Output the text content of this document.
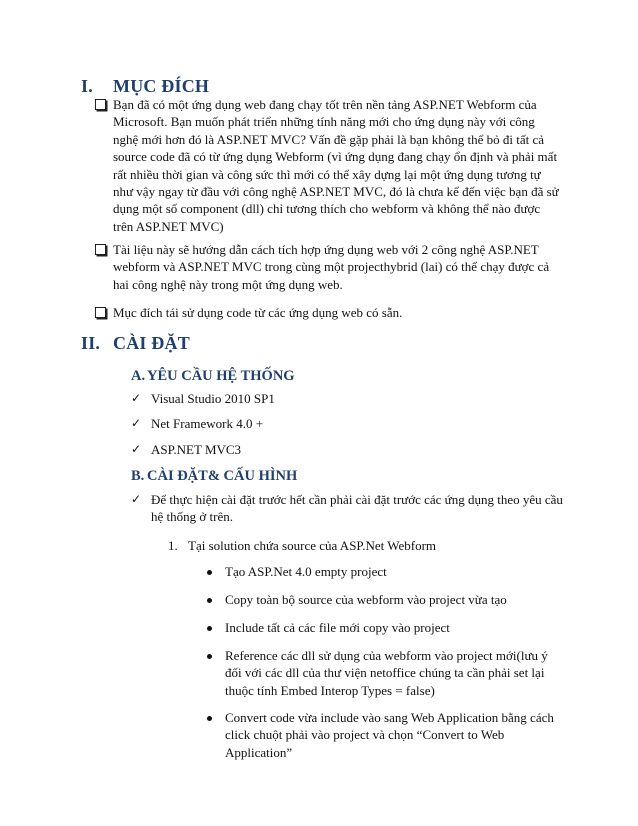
I. MỤC ĐÍCH
Bạn đã có một ứng dụng web đang chạy tốt trên nền tảng ASP.NET Webform của Microsoft. Bạn muốn phát triển những tính năng mới cho ứng dụng này với công nghệ mới hơn đó là ASP.NET MVC? Vấn đề gặp phải là bạn không thể bỏ đi tất cả source code đã có từ ứng dụng Webform (vì ứng dụng đang chạy ổn định và phải mất rất nhiều thời gian và công sức thì mới có thể xây dựng lại một ứng dụng tương tự như vậy ngay từ đầu với công nghệ ASP.NET MVC, đó là chưa kể đến việc bạn đã sử dụng một số component (dll) chỉ tương thích cho webform và không thể nào được trên ASP.NET MVC)
Tài liệu này sẽ hướng dẫn cách tích hợp ứng dụng web với 2 công nghệ ASP.NET webform và ASP.NET MVC trong cùng một projecthybrid (lai) có thể chạy được cả hai công nghệ này trong một ứng dụng web.
Mục đích tái sử dụng code từ các ứng dụng web có sẵn.
II. CÀI ĐẶT
A. YÊU CẦU HỆ THỐNG
✓ Visual Studio 2010 SP1
✓ Net Framework 4.0 +
✓ ASP.NET MVC3
B. CÀI ĐẶT& CẤU HÌNH
✓ Để thực hiện cài đặt trước hết cần phải cài đặt trước các ứng dụng theo yêu cầu hệ thống ở trên.
1. Tại solution chứa source của ASP.Net Webform
Tạo ASP.Net 4.0 empty project
Copy toàn bộ source của webform vào project vừa tạo
Include tất cả các file mới copy vào project
Reference các dll sử dụng của webform vào project mới(lưu ý đối với các dll của thư viện netoffice chúng ta cần phải set lại thuộc tính Embed Interop Types = false)
Convert code vừa include vào sang Web Application bằng cách click chuột phải vào project và chọn “Convert to Web Application”
